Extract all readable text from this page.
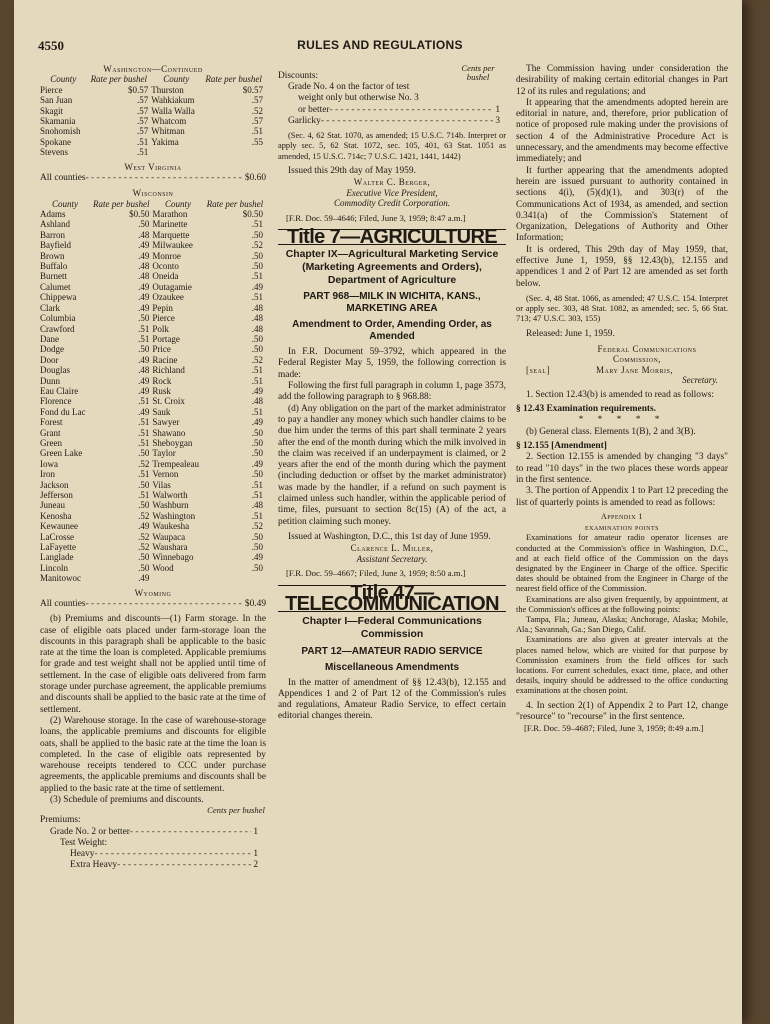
RULES AND REGULATIONS
4550
Washington—Continued
County	Rate per bushel	County	Rate per bushel
Pierce	$0.57	Thurston	$0.57
San Juan	.57	Wahkiakum	.57
Skagit	.57	Walla Walla	.52
Skamania	.57	Whatcom	.57
Snohomish	.57	Whitman	.51
Spokane	.51	Yakima	.55
Stevens	.51		
West Virginia
All counties - - -	$0.60
Wisconsin
County	Rate per bushel	County	Rate per bushel
Adams	$0.50	Marathon	$0.50
Ashland	.50	Marinette	.51
Barron	.48	Marquette	.50
Bayfield	.49	Milwaukee	.52
Brown	.49	Monroe	.50
Buffalo	.48	Oconto	.50
Burnett	.48	Oneida	.51
Calumet	.49	Outagamie	.49
Chippewa	.49	Ozaukee	.51
Clark	.49	Pepin	.48
Columbia	.50	Pierce	.48
Crawford	.51	Polk	.48
Dane	.51	Portage	.50
Dodge	.50	Price	.50
Door	.49	Racine	.52
Douglas	.48	Richland	.51
Dunn	.49	Rock	.51
Eau Claire	.49	Rusk	.49
Florence	.51	St. Croix	.48
Fond du Lac	.49	Sauk	.51
Forest	.51	Sawyer	.49
Grant	.51	Shawano	.50
Green	.51	Sheboygan	.50
Green Lake	.50	Taylor	.50
Iowa	.52	Trempealeau	.49
Iron	.51	Vernon	.50
Jackson	.50	Vilas	.51
Jefferson	.51	Walworth	.51
Juneau	.50	Washburn	.48
Kenosha	.52	Washington	.51
Kewaunee	.49	Waukesha	.52
LaCrosse	.52	Waupaca	.50
LaFayette	.52	Waushara	.50
Langlade	.50	Winnebago	.49
Lincoln	.50	Wood	.50
Manitowoc	.49		
Wyoming
All counties - - -	$0.49

(b) Premiums and discounts—(1) Farm storage. In the case of eligible oats placed under farm-storage loan the discounts in this paragraph shall be applicable to the basic rate at the time the loan is completed. Applicable premiums for grade and test weight shall not be applied until time of settlement. In the case of eligible oats delivered from farm storage under purchase agreement, the applicable premiums and discounts shall be applied to the basic rate at the time of settlement.

(2) Warehouse storage. In the case of warehouse-storage loans, the applicable premiums and discounts for eligible oats, shall be applied to the basic rate at the time the loan is completed. In the case of eligible oats represented by warehouse receipts tendered to CCC under purchase agreements, the applicable premiums and discounts shall be applied to the basic rate at the time of settlement.

(3) Schedule of premiums and discounts.

Cents per bushel
Premiums:
Grade No. 2 or better - - -	1
Test Weight:
Heavy - - -	1
Extra Heavy - - -	2
Discounts:
Cents per bushel
Grade No. 4 on the factor of test
weight only but otherwise No. 3
or better - - -	1
Garlicky - - -	3

(Sec. 4, 62 Stat. 1070, as amended; 15 U.S.C. 714b. Interpret or apply sec. 5, 62 Stat. 1072, sec. 105, 401, 63 Stat. 1051 as amended, 15 U.S.C. 714c; 7 U.S.C. 1421, 1441, 1442)

Issued this 29th day of May 1959.

Walter C. Berger,
Executive Vice President,
Commodity Credit Corporation.
[F.R. Doc. 59–4646; Filed, June 3, 1959; 8:47 a.m.]
Title 7—AGRICULTURE
Chapter IX—Agricultural Marketing Service (Marketing Agreements and Orders), Department of Agriculture
PART 968—MILK IN WICHITA, KANS., MARKETING AREA
Amendment to Order, Amending Order, as Amended

In F.R. Document 59–3792, which appeared in the Federal Register May 5, 1959, the following correction is made:

Following the first full paragraph in column 1, page 3573, add the following paragraph to § 968.88:

(d) Any obligation on the part of the market administrator to pay a handler any money which such handler claims to be due him under the terms of this part shall terminate 2 years after the end of the month during which the milk involved in the claim was received if an underpayment is claimed, or 2 years after the end of the month during which the payment (including deduction or offset by the market administrator) was made by the handler, if a refund on such payment is claimed unless such handler, within the applicable period of time, files, pursuant to section 8c(15) (A) of the act, a petition claiming such money.

Issued at Washington, D.C., this 1st day of June 1959.

Clarence L. Miller,
Assistant Secretary.
[F.R. Doc. 59–4667; Filed, June 3, 1959; 8:50 a.m.]
Title 47—TELECOMMUNICATION
Chapter I—Federal Communications Commission
PART 12—AMATEUR RADIO SERVICE
Miscellaneous Amendments

In the matter of amendment of §§ 12.43(b), 12.155 and Appendices 1 and 2 of Part 12 of the Commission's rules and regulations, Amateur Radio Service, to effect certain editorial changes therein.

The Commission having under consideration the desirability of making certain editorial changes in Part 12 of its rules and regulations; and

It appearing that the amendments adopted herein are editorial in nature, and, therefore, prior publication of notice of proposed rule making under the provisions of section 4 of the Administrative Procedure Act is unnecessary, and the amendments may become effective immediately; and

It further appearing that the amendments adopted herein are issued pursuant to authority contained in sections 4(i), (5)(d)(1), and 303(r) of the Communications Act of 1934, as amended, and section 0.341(a) of the Commission's Statement of Organization, Delegations of Authority and Other Information;

It is ordered, This 29th day of May 1959, that, effective June 1, 1959, §§ 12.43(b), 12.155 and appendices 1 and 2 of Part 12 are amended as set forth below.

(Sec. 4, 48 Stat. 1066, as amended; 47 U.S.C. 154. Interpret or apply sec. 303, 48 Stat. 1082, as amended; sec. 5, 66 Stat. 713; 47 U.S.C. 303, 155)

Released: June 1, 1959.

Federal Communications
Commission,
[seal]	Mary Jane Morris,
Secretary.

1. Section 12.43(b) is amended to read as follows:

§ 12.43 Examination requirements.
* * * * *

(b) General class. Elements 1(B), 2 and 3(B).

§ 12.155 [Amendment]

2. Section 12.155 is amended by changing "3 days" to read "10 days" in the two places these words appear in the first sentence.

3. The portion of Appendix 1 to Part 12 preceding the list of quarterly points is amended to read as follows:

Appendix 1
examination points

Examinations for amateur radio operator licenses are conducted at the Commission's office in Washington, D.C., and at each field office of the Commission on the days designated by the Engineer in Charge of the office. Specific dates should be obtained from the Engineer in Charge of the nearest field office of the Commission.

Examinations are also given frequently, by appointment, at the Commission's offices at the following points:

Tampa, Fla.; Juneau, Alaska; Anchorage, Alaska; Mobile, Ala.; Savannah, Ga.; San Diego, Calif.

Examinations are also given at greater intervals at the places named below, which are visited for that purpose by Commission examiners from the field offices for such locations. For current schedules, exact time, place, and other details, inquiry should be addressed to the office conducting examinations at the chosen point.

4. In section 2(1) of Appendix 2 to Part 12, change "resource" to "recourse" in the first sentence.

[F.R. Doc. 59–4687; Filed, June 3, 1959; 8:49 a.m.]
